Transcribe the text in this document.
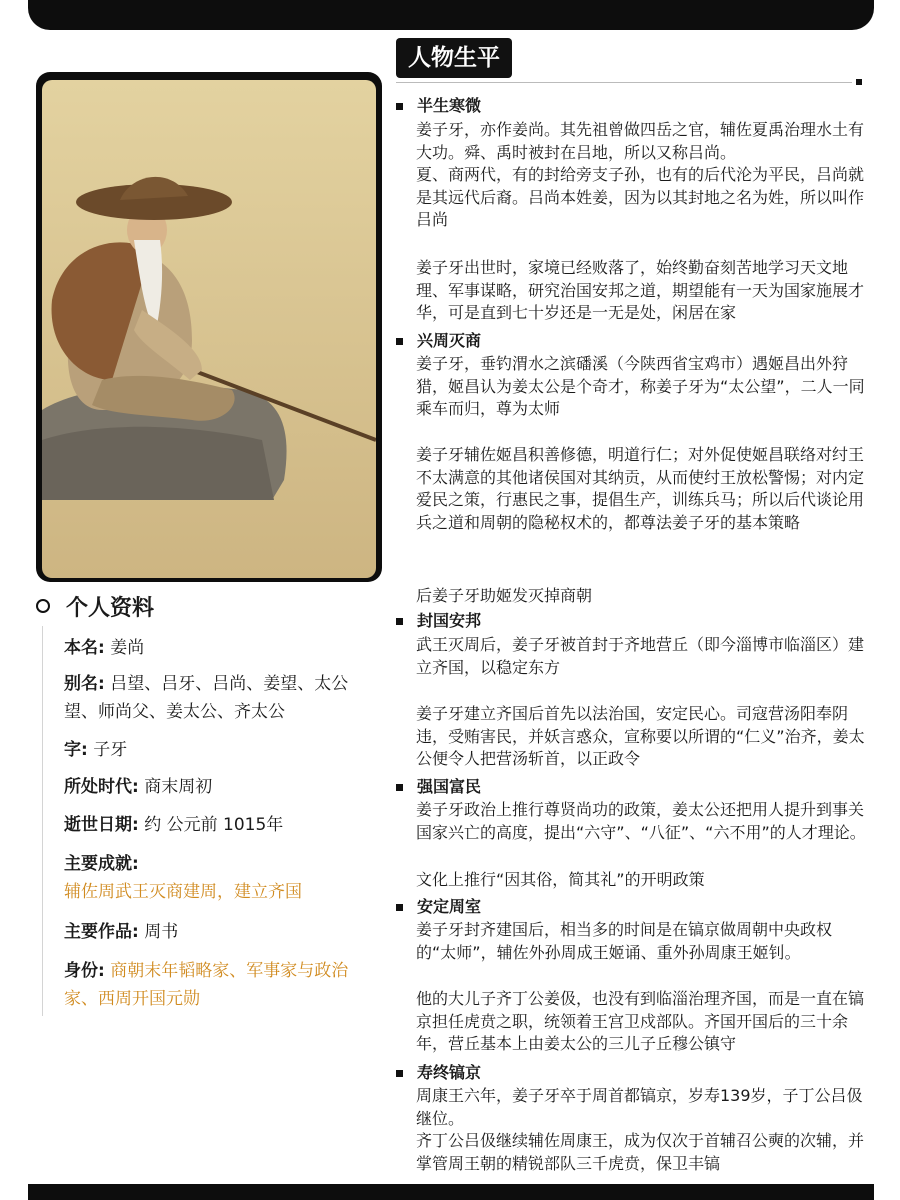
个人资料
本名: 姜尚
别名: 吕望、吕牙、吕尚、姜望、太公望、师尚父、姜太公、齐太公
字: 子牙
所处时代: 商末周初
逝世日期: 约 公元前 1015年
主要成就:
辅佐周武王灭商建周，建立齐国
主要作品: 周书
身份: 商朝末年韬略家、军事家与政治家、西周开国元勋
人物生平
半生寒微

姜子牙，亦作姜尚。其先祖曾做四岳之官，辅佐夏禹治理水土有大功。舜、禹时被封在吕地，所以又称吕尚。

夏、商两代，有的封给旁支子孙，也有的后代沦为平民，吕尚就是其远代后裔。吕尚本姓姜，因为以其封地之名为姓，所以叫作吕尚

姜子牙出世时，家境已经败落了，始终勤奋刻苦地学习天文地理、军事谋略，研究治国安邦之道，期望能有一天为国家施展才华，可是直到七十岁还是一无是处，闲居在家

兴周灭商

姜子牙，垂钓渭水之滨磻溪（今陕西省宝鸡市）遇姬昌出外狩猎，姬昌认为姜太公是个奇才，称姜子牙为“太公望”，二人一同乘车而归，尊为太师

姜子牙辅佐姬昌积善修德，明道行仁；对外促使姬昌联络对纣王不太满意的其他诸侯国对其纳贡，从而使纣王放松警惕；对内定爱民之策，行惠民之事，提倡生产，训练兵马；所以后代谈论用兵之道和周朝的隐秘权术的，都尊法姜子牙的基本策略

后姜子牙助姬发灭掉商朝

封国安邦

武王灭周后，姜子牙被首封于齐地营丘（即今淄博市临淄区）建立齐国，以稳定东方

姜子牙建立齐国后首先以法治国，安定民心。司寇营汤阳奉阴违，受贿害民，并妖言惑众，宣称要以所谓的“仁义”治齐，姜太公便令人把营汤斩首，以正政令

强国富民

姜子牙政治上推行尊贤尚功的政策，姜太公还把用人提升到事关国家兴亡的高度，提出“六守”、“八征”、“六不用”的人才理论。

文化上推行“因其俗，简其礼”的开明政策

安定周室

姜子牙封齐建国后，相当多的时间是在镐京做周朝中央政权的“太师”，辅佐外孙周成王姬诵、重外孙周康王姬钊。

他的大儿子齐丁公姜伋，也没有到临淄治理齐国，而是一直在镐京担任虎贲之职，统领着王宫卫戍部队。齐国开国后的三十余年，营丘基本上由姜太公的三儿子丘穆公镇守

寿终镐京

周康王六年，姜子牙卒于周首都镐京，岁寿139岁，子丁公吕伋继位。

齐丁公吕伋继续辅佐周康王，成为仅次于首辅召公奭的次辅，并掌管周王朝的精锐部队三千虎贲，保卫丰镐
